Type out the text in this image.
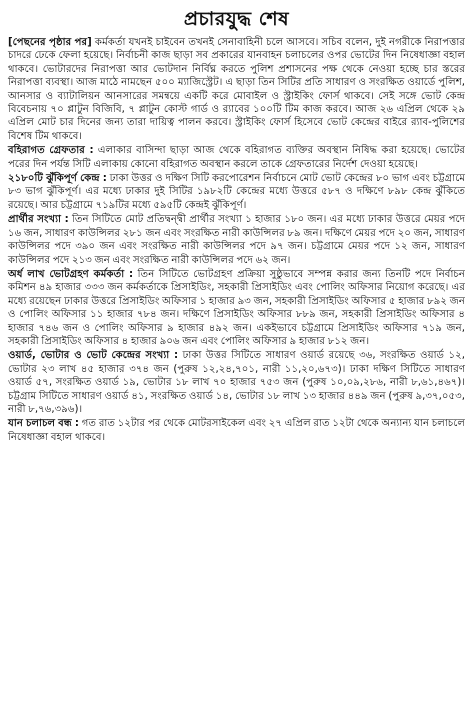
প্রচারযুদ্ধ শেষ

[পেছনের পৃষ্ঠার পর] কর্মকর্তা যখনই চাইবেন তখনই সেনাবাহিনী চলে আসবে। সচিব বলেন, দুই নগরীকে নিরাপত্তার চাদরে ঢেকে ফেলা হয়েছে। নির্বাচনী কাজ ছাড়া সব প্রকারের যানবাহন চলাচলের ওপর ভোটের দিন নিষেধাজ্ঞা বহাল থাকবে। ভোটারদের নিরাপত্তা আর ভোটদান নির্বিঘ্ন করতে পুলিশ প্রশাসনের পক্ষ থেকে নেওয়া হচ্ছে চার স্তরের নিরাপত্তা ব্যবস্থা। আজ মাঠে নামছেন ৫০০ ম্যাজিস্ট্রেট। এ ছাড়া তিন সিটির প্রতি সাধারণ ও সংরক্ষিত ওয়ার্ডে পুলিশ, আনসার ও ব্যাটালিয়ন আনসারের সমন্বয়ে একটি করে মোবাইল ও স্ট্রাইকিং ফোর্স থাকবে। সেই সঙ্গে ভোট কেন্দ্র বিবেচনায় ৭০ প্লাটুন বিজিবি, ৭ প্লাটুন কোস্ট গার্ড ও র‌্যাবের ১০০টি টিম কাজ করবে। আজ ২৬ এপ্রিল থেকে ২৯ এপ্রিল মোট চার দিনের জন্য তারা দায়িত্ব পালন করবে। স্ট্রাইকিং ফোর্স হিসেবে ভোট কেন্দ্রের বাইরে র‌্যাব-পুলিশের বিশেষ টিম থাকবে।

বহিরাগত গ্রেফতার : এলাকার বাসিন্দা ছাড়া আজ থেকে বহিরাগত ব্যক্তির অবস্থান নিষিদ্ধ করা হয়েছে। ভোটের পরের দিন পর্যন্ত সিটি এলাকায় কোনো বহিরাগত অবস্থান করলে তাকে গ্রেফতারের নির্দেশ দেওয়া হয়েছে।

২১৮০টি ঝুঁকিপূর্ণ কেন্দ্র : ঢাকা উত্তর ও দক্ষিণ সিটি করপোরেশন নির্বাচনে মোট ভোট কেন্দ্রের ৮০ ভাগ এবং চট্টগ্রামে ৮৩ ভাগ ঝুঁকিপূর্ণ। এর মধ্যে ঢাকার দুই সিটির ১৯৮২টি কেন্দ্রের মধ্যে উত্তরে ৫৮৭ ও দক্ষিণে ৮৯৮ কেন্দ্র ঝুঁকিতে রয়েছে। আর চট্টগ্রামে ৭১৯টির মধ্যে ৫৯৫টি কেন্দ্রই ঝুঁকিপূর্ণ।

প্রার্থীর সংখ্যা : তিন সিটিতে মোট প্রতিদ্বন্দ্বী প্রার্থীর সংখ্যা ১ হাজার ১৮০ জন। এর মধ্যে ঢাকার উত্তরে মেয়র পদে ১৬ জন, সাধারণ কাউন্সিলর ২৮১ জন এবং সংরক্ষিত নারী কাউন্সিলর ৮৯ জন। দক্ষিণে মেয়র পদে ২০ জন, সাধারণ কাউন্সিলর পদে ৩৯০ জন এবং সংরক্ষিত নারী কাউন্সিলর পদে ৯৭ জন। চট্টগ্রামে মেয়র পদে ১২ জন, সাধারণ কাউন্সিলর পদে ২১৩ জন এবং সংরক্ষিত নারী কাউন্সিলর পদে ৬২ জন।

অর্ধ লাখ ভোটগ্রহণ কর্মকর্তা : তিন সিটিতে ভোটগ্রহণ প্রক্রিয়া সুষ্ঠুভাবে সম্পন্ন করার জন্য তিনটি পদে নির্বাচন কমিশন ৪৯ হাজার ৩৩৩ জন কর্মকর্তাকে প্রিসাইডিং, সহকারী প্রিসাইডিং এবং পোলিং অফিসার নিয়োগ করেছে। এর মধ্যে রয়েছেন ঢাকার উত্তরে প্রিসাইডিং অফিসার ১ হাজার ৯৩ জন, সহকারী প্রিসাইডিং অফিসার ৫ হাজার ৮৯২ জন ও পোলিং অফিসার ১১ হাজার ৭৮৪ জন। দক্ষিণে প্রিসাইডিং অফিসার ৮৮৯ জন, সহকারী প্রিসাইডিং অফিসার ৪ হাজার ৭৪৬ জন ও পোলিং অফিসার ৯ হাজার ৪৯২ জন। একইভাবে চট্টগ্রামে প্রিসাইডিং অফিসার ৭১৯ জন, সহকারী প্রিসাইডিং অফিসার ৪ হাজার ৯০৬ জন এবং পোলিং অফিসার ৯ হাজার ৮১২ জন।

ওয়ার্ড, ভোটার ও ভোট কেন্দ্রের সংখ্যা : ঢাকা উত্তর সিটিতে সাধারণ ওয়ার্ড রয়েছে ৩৬, সংরক্ষিত ওয়ার্ড ১২, ভোটার ২৩ লাখ ৪৫ হাজার ৩৭৪ জন (পুরুষ ১২,২৪,৭০১, নারী ১১,২০,৬৭৩)। ঢাকা দক্ষিণ সিটিতে সাধারণ ওয়ার্ড ৫৭, সংরক্ষিত ওয়ার্ড ১৯, ভোটার ১৮ লাখ ৭০ হাজার ৭৫৩ জন (পুরুষ ১০,০৯,২৮৬, নারী ৮,৬১,৪৬৭)। চট্টগ্রাম সিটিতে সাধারণ ওয়ার্ড ৪১, সংরক্ষিত ওয়ার্ড ১৪, ভোটার ১৮ লাখ ১৩ হাজার ৪৪৯ জন (পুরুষ ৯,৩৭,০৫৩, নারী ৮,৭৬,৩৯৬)।

যান চলাচল বন্ধ : গত রাত ১২টার পর থেকে মোটরসাইকেল এবং ২৭ এপ্রিল রাত ১২টা থেকে অন্যান্য যান চলাচলে নিষেধাজ্ঞা বহাল থাকবে।
